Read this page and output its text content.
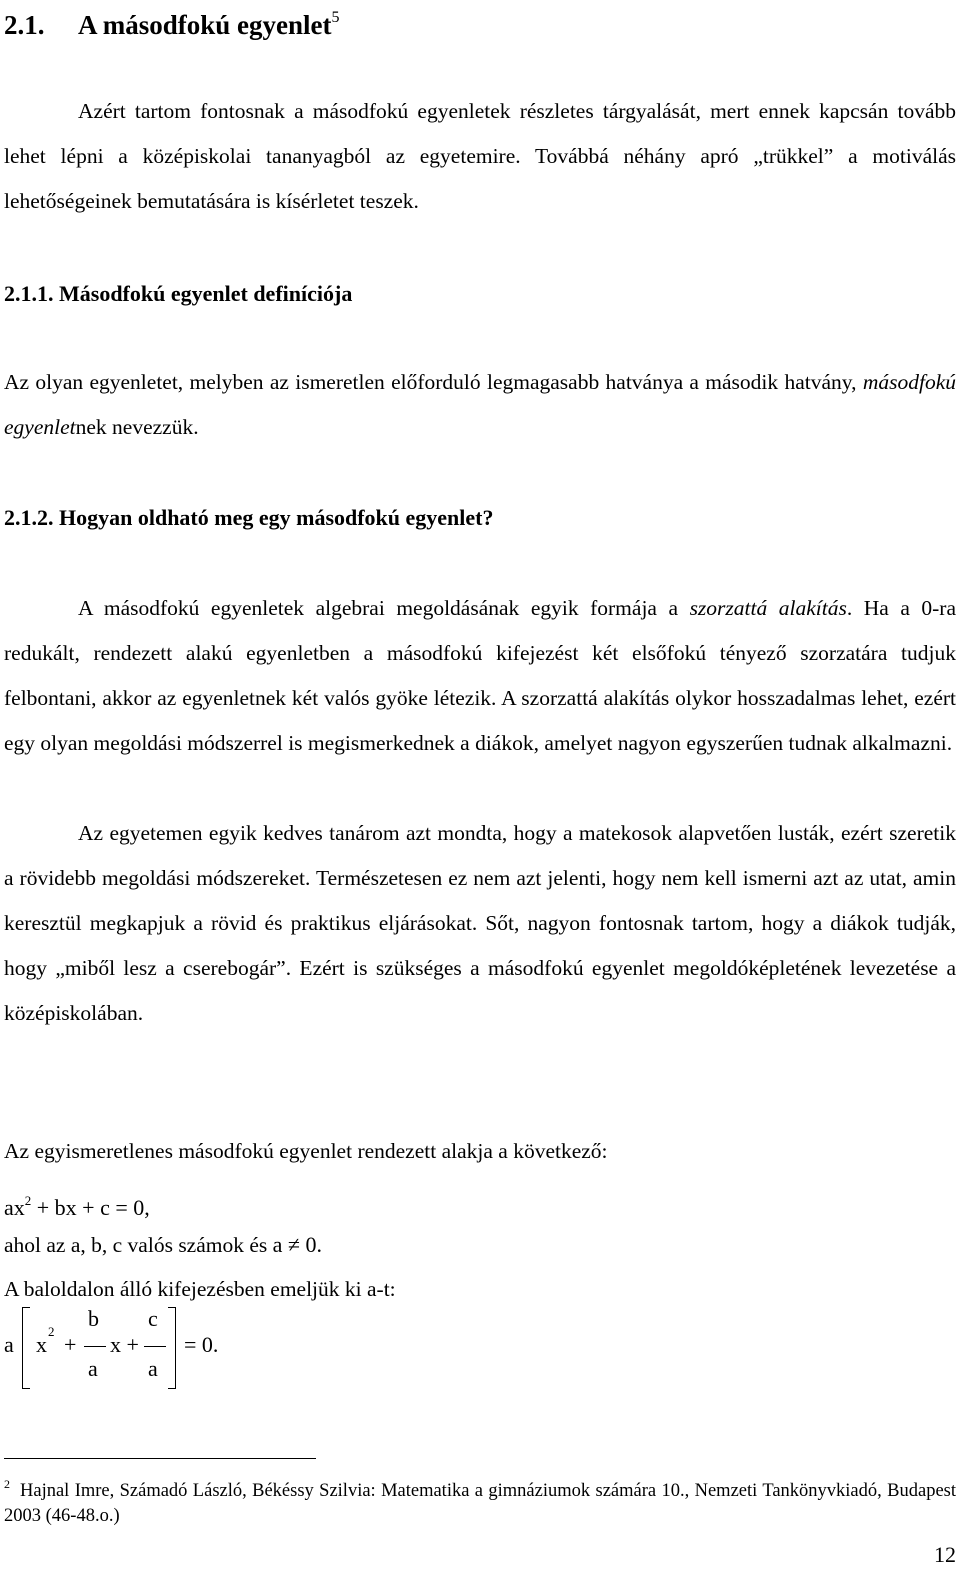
2.1. A másodfokú egyenlet$^5$
Azért tartom fontosnak a másodfokú egyenletek részletes tárgyalását, mert ennek kapcsán tovább lehet lépni a középiskolai tananyagból az egyetemire. Továbbá néhány apró „trükkel” a motiválás lehetőségeinek bemutatására is kísérletet teszek.
2.1.1. Másodfokú egyenlet definíciója
Az olyan egyenletet, melyben az ismeretlen előforduló legmagasabb hatványa a második hatvány, másodfokú egyenletnek nevezzük.
2.1.2. Hogyan oldható meg egy másodfokú egyenlet?
A másodfokú egyenletek algebrai megoldásának egyik formája a szorzattá alakítás. Ha a 0-ra redukált, rendezett alakú egyenletben a másodfokú kifejezést két elsőfokú tényező szorzatára tudjuk felbontani, akkor az egyenletnek két valós gyöke létezik. A szorzattá alakítás olykor hosszadalmas lehet, ezért egy olyan megoldási módszerrel is megismerkednek a diákok, amelyet nagyon egyszerűen tudnak alkalmazni.
Az egyetemen egyik kedves tanárom azt mondta, hogy a matekosok alapvetően lusták, ezért szeretik a rövidebb megoldási módszereket. Természetesen ez nem azt jelenti, hogy nem kell ismerni azt az utat, amin keresztül megkapjuk a rövid és praktikus eljárásokat. Sőt, nagyon fontosnak tartom, hogy a diákok tudják, hogy „miből lesz a cserebogár”. Ezért is szükséges a másodfokú egyenlet megoldóképletének levezetése a középiskolában.
Az egyismeretlenes másodfokú egyenlet rendezett alakja a következő:
$ax^2$ + bx + c = 0,
ahol az a, b, c valós számok és a ≠ 0.
A baloldalon álló kifejezésben emeljük ki a-t:
a x
2
+
b
a
x +
c
a
= 0.
2 Hajnal Imre, Számadó László, Békéssy Szilvia: Matematika a gimnáziumok számára 10., Nemzeti Tankönyvkiadó, Budapest 2003 (46-48.o.)
12
